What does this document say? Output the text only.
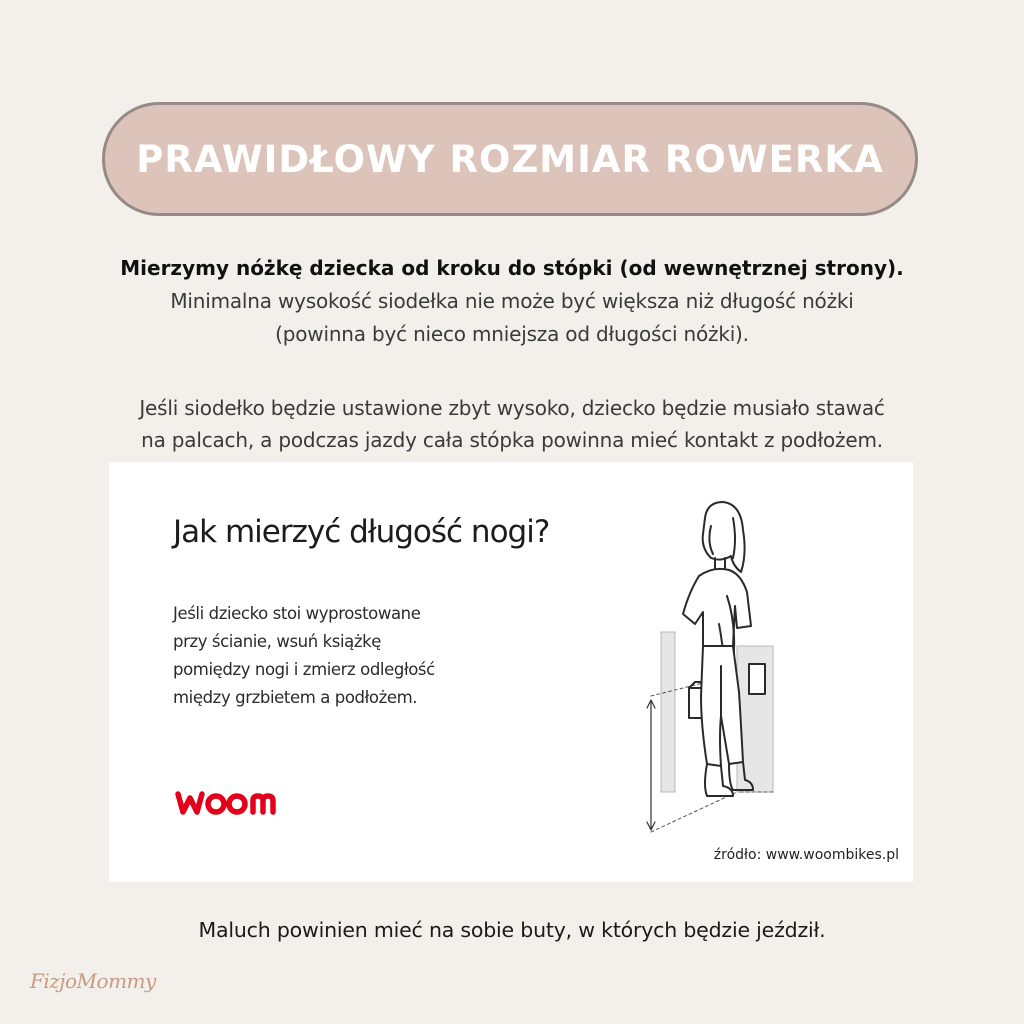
PRAWIDŁOWY ROZMIAR ROWERKA
Mierzymy nóżkę dziecka od kroku do stópki (od wewnętrznej strony).
Minimalna wysokość siodełka nie może być większa niż długość nóżki
(powinna być nieco mniejsza od długości nóżki).
Jeśli siodełko będzie ustawione zbyt wysoko, dziecko będzie musiało stawać
na palcach, a podczas jazdy cała stópka powinna mieć kontakt z podłożem.
Jak mierzyć długość nogi?
Jeśli dziecko stoi wyprostowane
przy ścianie, wsuń książkę
pomiędzy nogi i zmierz odległość
między grzbietem a podłożem.
źródło: www.woombikes.pl
Maluch powinien mieć na sobie buty, w których będzie jeździł.
FizjoMommy
